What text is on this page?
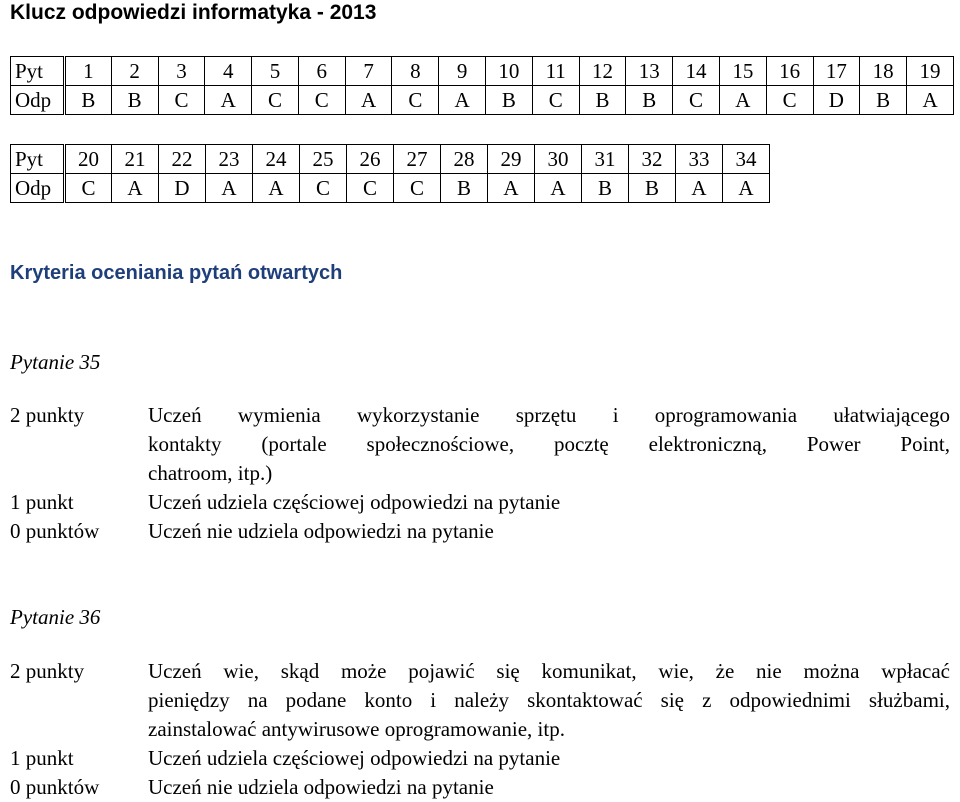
Klucz odpowiedzi informatyka - 2013
Pyt	1	2	3	4	5	6	7	8	9	10	11	12	13	14	15	16	17	18	19
Odp	B	B	C	A	C	C	A	C	A	B	C	B	B	C	A	C	D	B	A
Pyt	20	21	22	23	24	25	26	27	28	29	30	31	32	33	34
Odp	C	A	D	A	A	C	C	C	B	A	A	B	B	A	A
Kryteria oceniania pytań otwartych
Pytanie 35
2 punkty	Uczeń wymienia wykorzystanie sprzętu i oprogramowania ułatwiającego
kontakty (portale społecznościowe, pocztę elektroniczną, Power Point,
chatroom, itp.)
1 punkt	Uczeń udziela częściowej odpowiedzi na pytanie
0 punktów	Uczeń nie udziela odpowiedzi na pytanie
Pytanie 36
2 punkty	Uczeń wie, skąd może pojawić się komunikat, wie, że nie można wpłacać
pieniędzy na podane konto i należy skontaktować się z odpowiednimi służbami,
zainstalować antywirusowe oprogramowanie, itp.
1 punkt	Uczeń udziela częściowej odpowiedzi na pytanie
0 punktów	Uczeń nie udziela odpowiedzi na pytanie
